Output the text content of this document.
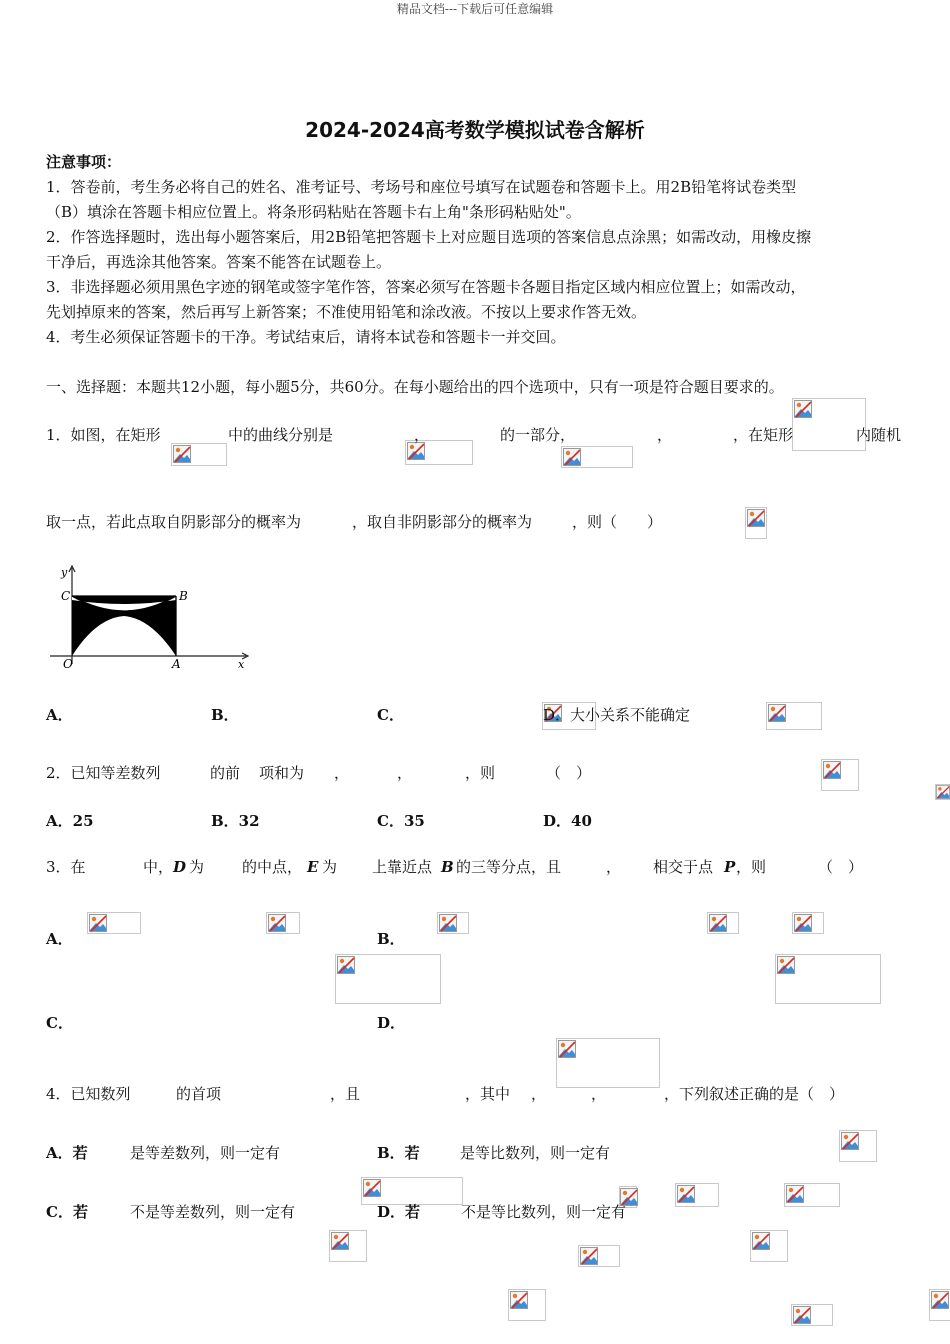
精品文档---下载后可任意编辑
2024-2024高考数学模拟试卷含解析
注意事项：
1．答卷前，考生务必将自己的姓名、准考证号、考场号和座位号填写在试题卷和答题卡上。用2B铅笔将试卷类型
（B）填涂在答题卡相应位置上。将条形码粘贴在答题卡右上角"条形码粘贴处"。
2．作答选择题时，选出每小题答案后，用2B铅笔把答题卡上对应题目选项的答案信息点涂黑；如需改动，用橡皮擦
干净后，再选涂其他答案。答案不能答在试题卷上。
3．非选择题必须用黑色字迹的钢笔或签字笔作答，答案必须写在答题卡各题目指定区域内相应位置上；如需改动，
先划掉原来的答案，然后再写上新答案；不准使用铅笔和涂改液。不按以上要求作答无效。
4．考生必须保证答题卡的干净。考试结束后，请将本试卷和答题卡一并交回。
一、选择题：本题共12小题，每小题5分，共60分。在每小题给出的四个选项中，只有一项是符合题目要求的。
1．如图，在矩形
	中的曲线分别是
	，
	的一部分，
	，
	，在矩形
	内随机
取一点，若此点取自阴影部分的概率为
	，取自非阴影部分的概率为
	，则（　　）
y
x
C	B
O	A
A．
	B．
	C．
	D．大小关系不能确定
2．已知等差数列
	的前
项和为
，
	，
	，则
	（　）
A．25	B．32	C．35	D．40
3．在
	中， D 为
	的中点， E 为
上靠近点 B 的三等分点，且
	，
相交于点 P ，则
	（　）
A．
	B．

C．
	D．

4．已知数列
	的首项
	，且
	，其中
，
	，
	，下列叙述正确的是（　）
A．若
	是等差数列，则一定有
	B．若
	是等比数列，则一定有

C．若
	不是等差数列，则一定有
	D．若
	不是等比数列，则一定有
